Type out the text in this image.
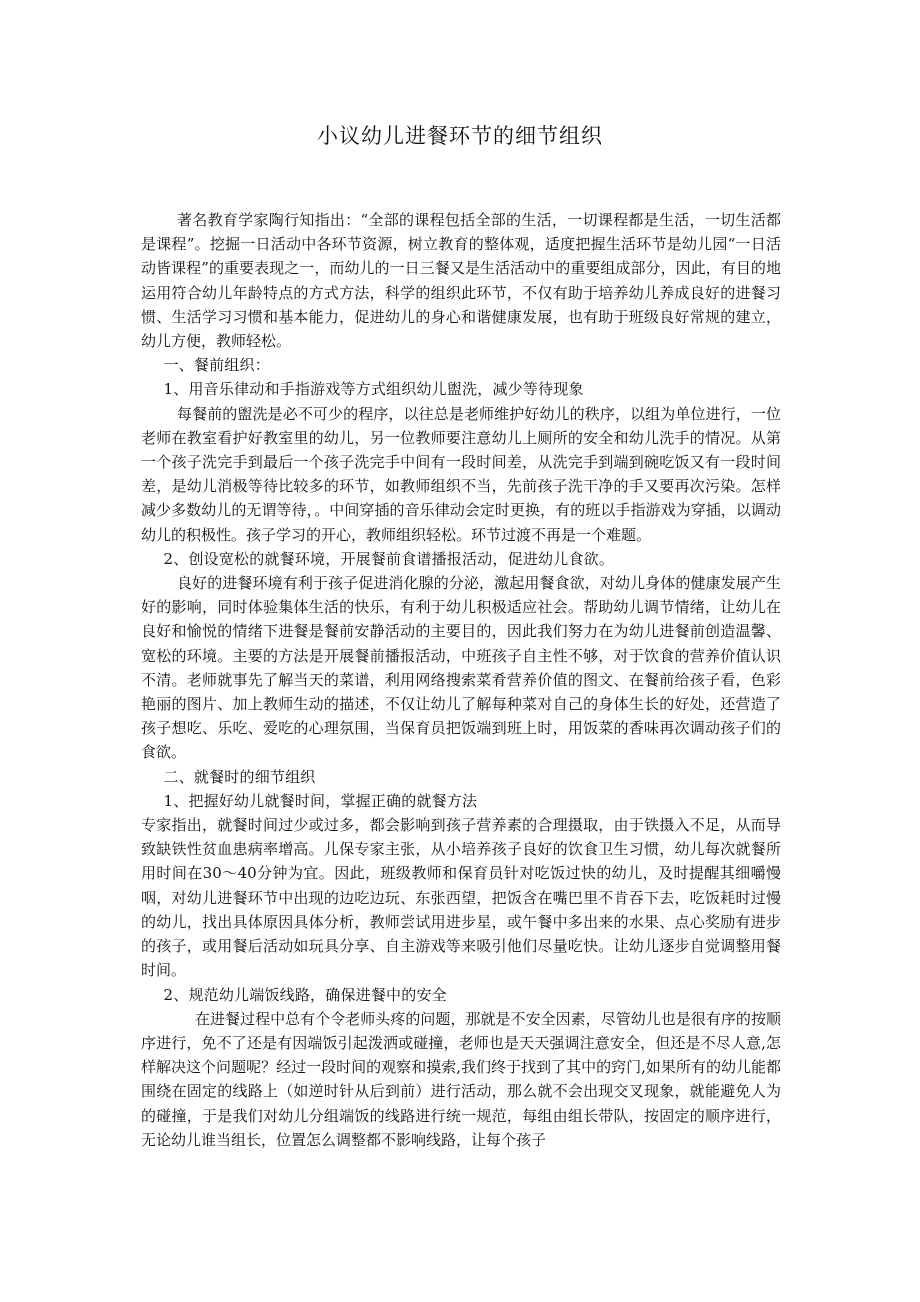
小议幼儿进餐环节的细节组织

著名教育学家陶行知指出：“全部的课程包括全部的生活，一切课程都是生活，一切生活都是课程”。挖掘一日活动中各环节资源，树立教育的整体观，适度把握生活环节是幼儿园“一日活动皆课程”的重要表现之一，而幼儿的一日三餐又是生活活动中的重要组成部分，因此，有目的地运用符合幼儿年龄特点的方式方法，科学的组织此环节，不仅有助于培养幼儿养成良好的进餐习惯、生活学习习惯和基本能力，促进幼儿的身心和谐健康发展，也有助于班级良好常规的建立，幼儿方便，教师轻松。

一、餐前组织：

1、用音乐律动和手指游戏等方式组织幼儿盥洗，减少等待现象

每餐前的盥洗是必不可少的程序，以往总是老师维护好幼儿的秩序，以组为单位进行，一位老师在教室看护好教室里的幼儿，另一位教师要注意幼儿上厕所的安全和幼儿洗手的情况。从第一个孩子洗完手到最后一个孩子洗完手中间有一段时间差，从洗完手到端到碗吃饭又有一段时间差，是幼儿消极等待比较多的环节，如教师组织不当，先前孩子洗干净的手又要再次污染。怎样减少多数幼儿的无谓等待，。中间穿插的音乐律动会定时更换，有的班以手指游戏为穿插，以调动幼儿的积极性。孩子学习的开心，教师组织轻松。环节过渡不再是一个难题。

2、创设宽松的就餐环境，开展餐前食谱播报活动，促进幼儿食欲。

良好的进餐环境有利于孩子促进消化腺的分泌，激起用餐食欲，对幼儿身体的健康发展产生好的影响，同时体验集体生活的快乐，有利于幼儿积极适应社会。帮助幼儿调节情绪，让幼儿在良好和愉悦的情绪下进餐是餐前安静活动的主要目的，因此我们努力在为幼儿进餐前创造温馨、宽松的环境。主要的方法是开展餐前播报活动，中班孩子自主性不够，对于饮食的营养价值认识不清。老师就事先了解当天的菜谱，利用网络搜索菜肴营养价值的图文、在餐前给孩子看，色彩艳丽的图片、加上教师生动的描述，不仅让幼儿了解每种菜对自己的身体生长的好处，还营造了孩子想吃、乐吃、爱吃的心理氛围，当保育员把饭端到班上时，用饭菜的香味再次调动孩子们的食欲。

二、就餐时的细节组织

1、把握好幼儿就餐时间，掌握正确的就餐方法

专家指出，就餐时间过少或过多，都会影响到孩子营养素的合理摄取，由于铁摄入不足，从而导致缺铁性贫血患病率增高。儿保专家主张，从小培养孩子良好的饮食卫生习惯，幼儿每次就餐所用时间在30～40分钟为宜。因此，班级教师和保育员针对吃饭过快的幼儿，及时提醒其细嚼慢咽，对幼儿进餐环节中出现的边吃边玩、东张西望，把饭含在嘴巴里不肯吞下去，吃饭耗时过慢的幼儿，找出具体原因具体分析，教师尝试用进步星，或午餐中多出来的水果、点心奖励有进步的孩子，或用餐后活动如玩具分享、自主游戏等来吸引他们尽量吃快。让幼儿逐步自觉调整用餐时间。

2、规范幼儿端饭线路，确保进餐中的安全

在进餐过程中总有个令老师头疼的问题，那就是不安全因素，尽管幼儿也是很有序的按顺序进行，免不了还是有因端饭引起泼洒或碰撞，老师也是天天强调注意安全，但还是不尽人意,怎样解决这个问题呢？经过一段时间的观察和摸索,我们终于找到了其中的窍门,如果所有的幼儿能都围绕在固定的线路上（如逆时针从后到前）进行活动，那么就不会出现交叉现象，就能避免人为的碰撞，于是我们对幼儿分组端饭的线路进行统一规范，每组由组长带队，按固定的顺序进行，无论幼儿谁当组长，位置怎么调整都不影响线路，让每个孩子
